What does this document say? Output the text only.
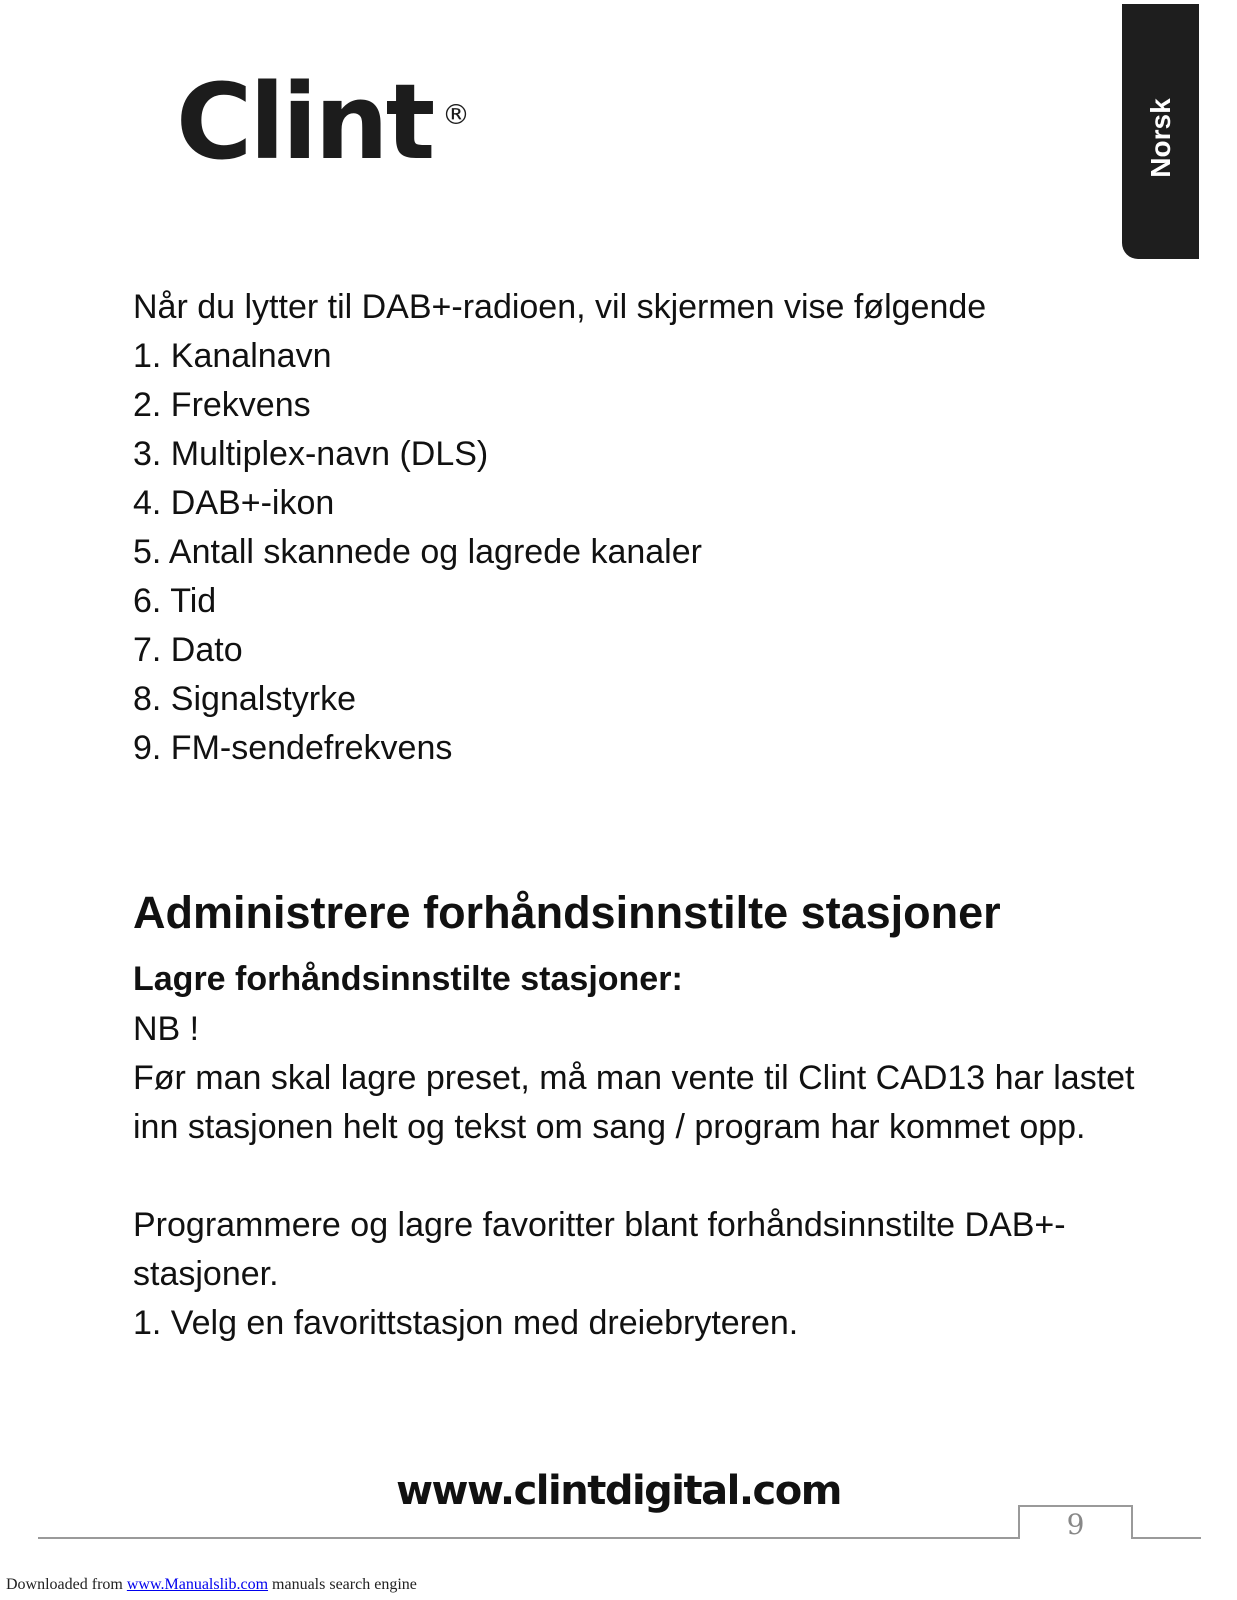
Clint ®	Norsk

Når du lytter til DAB+-radioen, vil skjermen vise følgende

1. Kanalnavn
2. Frekvens
3. Multiplex-navn (DLS)
4. DAB+-ikon
5. Antall skannede og lagrede kanaler
6. Tid
7. Dato
8. Signalstyrke
9. FM-sendefrekvens
Administrere forhåndsinnstilte stasjoner

Lagre forhåndsinnstilte stasjoner:

NB !

Før man skal lagre preset, må man vente til Clint CAD13 har lastet inn stasjonen helt og tekst om sang / program har kommet opp.

Programmere og lagre favoritter blant forhåndsinnstilte DAB+-stasjoner.

1. Velg en favorittstasjon med dreiebryteren.

www.clintdigital.com
9
Downloaded from www.Manualslib.com manuals search engine
